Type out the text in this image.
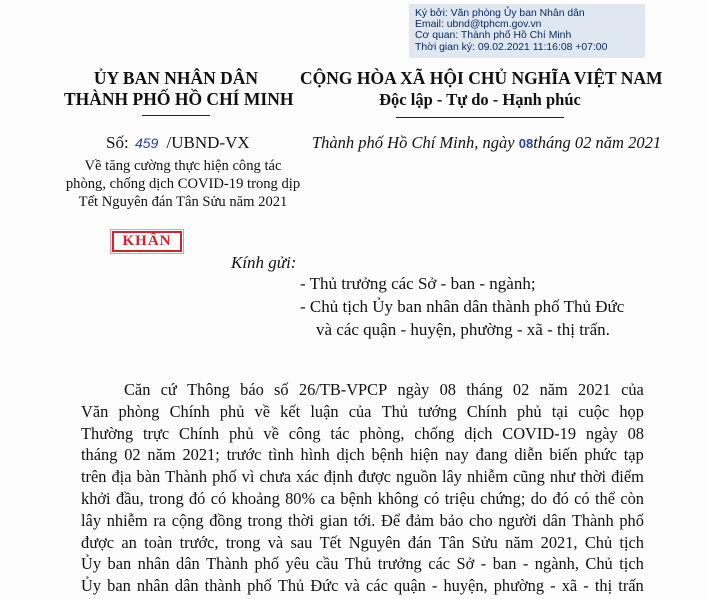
Ký bởi: Văn phòng Ủy ban Nhân dân
Email: ubnd@tphcm.gov.vn
Cơ quan: Thành phố Hồ Chí Minh
Thời gian ký: 09.02.2021 11:16:08 +07:00
ỦY BAN NHÂN DÂN
THÀNH PHỐ HỒ CHÍ MINH
CỘNG HÒA XÃ HỘI CHỦ NGHĨA VIỆT NAM
Độc lập - Tự do - Hạnh phúc
Số: 459 /UBND-VX	Thành phố Hồ Chí Minh, ngày 08tháng 02 năm 2021
Về tăng cường thực hiện công tác
phòng, chống dịch COVID-19 trong dịp
Tết Nguyên đán Tân Sửu năm 2021
KHẨN
Kính gửi:
- Thủ trưởng các Sở - ban - ngành;
- Chủ tịch Ủy ban nhân dân thành phố Thủ Đức
và các quận - huyện, phường - xã - thị trấn.
Căn cứ Thông báo số 26/TB-VPCP ngày 08 tháng 02 năm 2021 của
Văn phòng Chính phủ về kết luận của Thủ tướng Chính phủ tại cuộc họp
Thường trực Chính phủ về công tác phòng, chống dịch COVID-19 ngày 08
tháng 02 năm 2021; trước tình hình dịch bệnh hiện nay đang diễn biến phức tạp
trên địa bàn Thành phố vì chưa xác định được nguồn lây nhiễm cũng như thời điểm
khởi đầu, trong đó có khoảng 80% ca bệnh không có triệu chứng; do đó có thể còn
lây nhiễm ra cộng đồng trong thời gian tới. Để đảm bảo cho người dân Thành phố
được an toàn trước, trong và sau Tết Nguyên đán Tân Sửu năm 2021, Chủ tịch
Ủy ban nhân dân Thành phố yêu cầu Thủ trưởng các Sở - ban - ngành, Chủ tịch
Ủy ban nhân dân thành phố Thủ Đức và các quận - huyện, phường - xã - thị trấn
